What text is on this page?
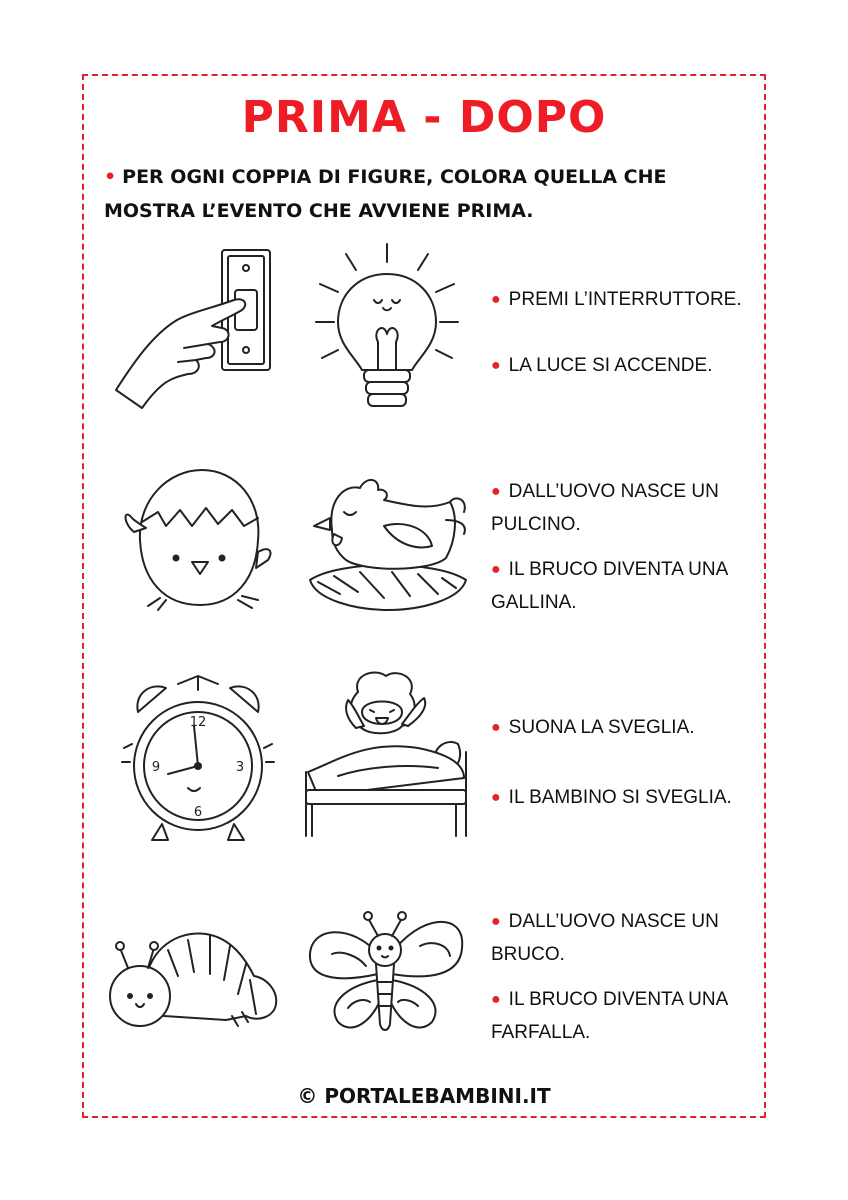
PRIMA - DOPO
• PER OGNI COPPIA DI FIGURE, COLORA QUELLA CHE
MOSTRA L’EVENTO CHE AVVIENE PRIMA.
● PREMI L’INTERRUTTORE.
● LA LUCE SI ACCENDE.
● DALL’UOVO NASCE UN PULCINO.
● IL BRUCO DIVENTA UNA GALLINA.
12
3
6
9
● SUONA LA SVEGLIA.
● IL BAMBINO SI SVEGLIA.
● DALL’UOVO NASCE UN BRUCO.
● IL BRUCO DIVENTA UNA FARFALLA.
© PORTALEBAMBINI.IT
